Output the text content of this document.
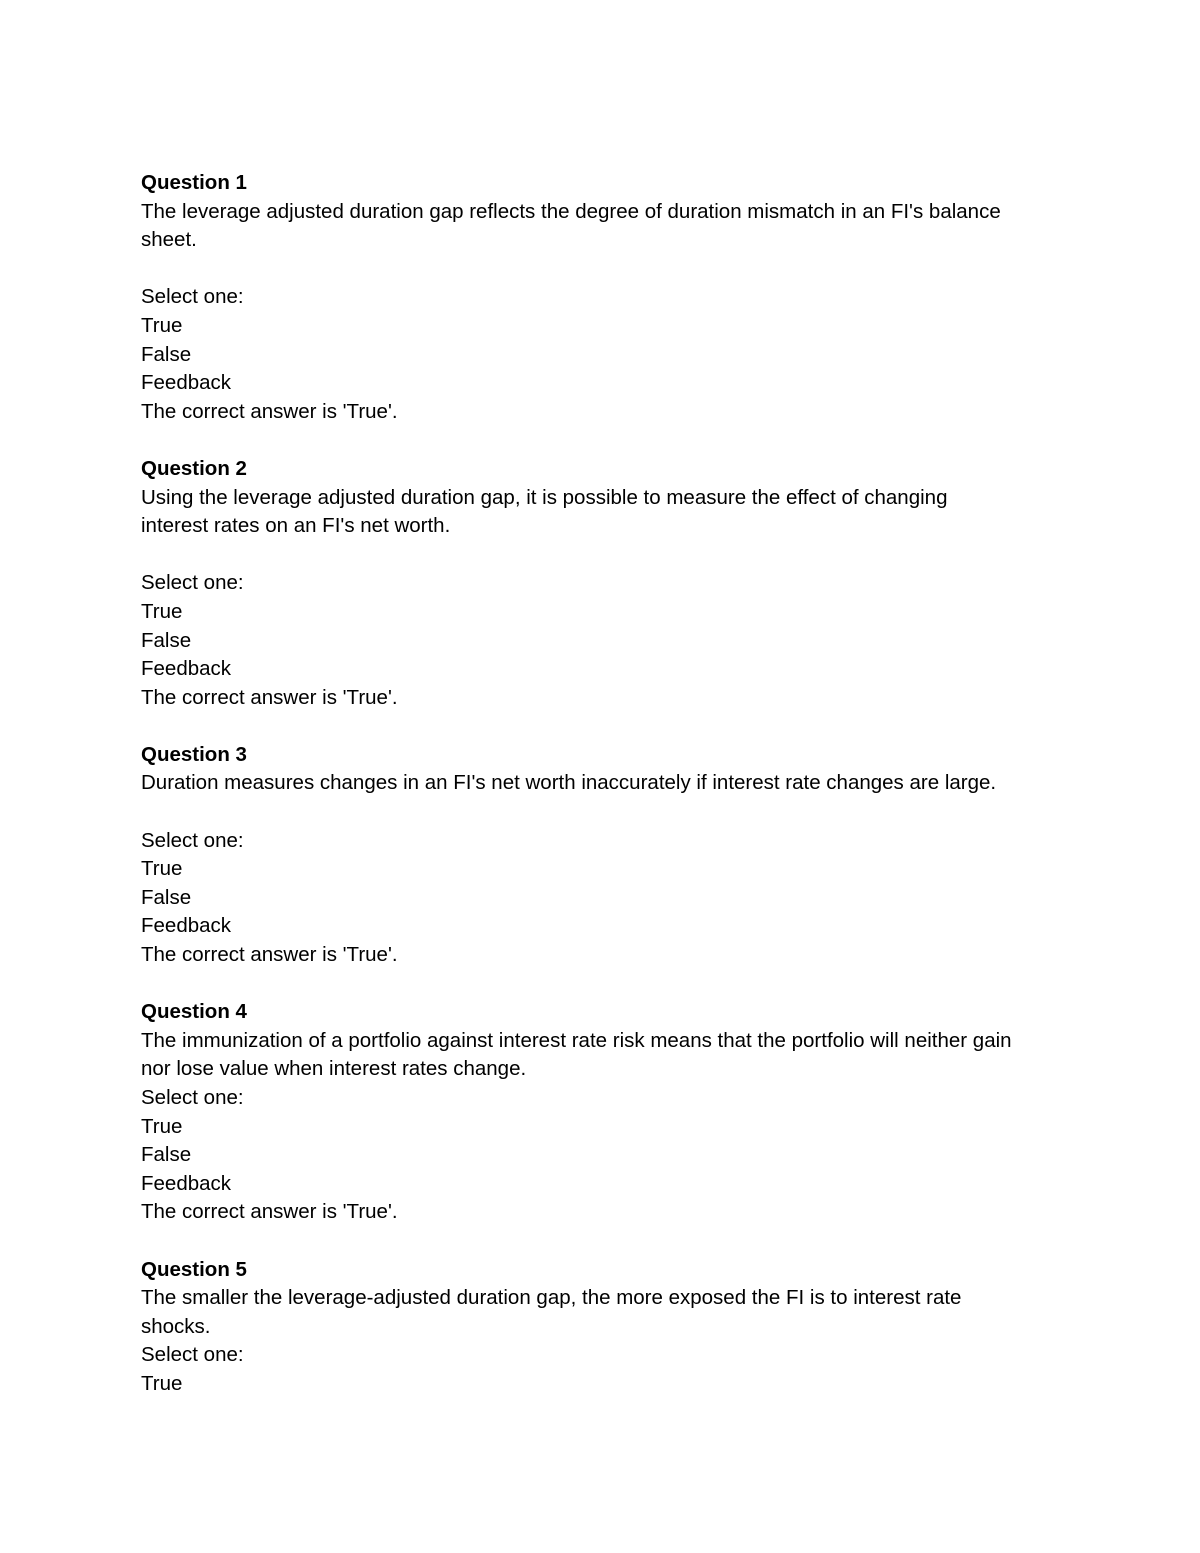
Question 1
The leverage adjusted duration gap reflects the degree of duration mismatch in an FI's balance
sheet.
Select one:
True
False
Feedback
The correct answer is 'True'.
Question 2
Using the leverage adjusted duration gap, it is possible to measure the effect of changing
interest rates on an FI's net worth.
Select one:
True
False
Feedback
The correct answer is 'True'.
Question 3
Duration measures changes in an FI's net worth inaccurately if interest rate changes are large.
Select one:
True
False
Feedback
The correct answer is 'True'.
Question 4
The immunization of a portfolio against interest rate risk means that the portfolio will neither gain
nor lose value when interest rates change.
Select one:
True
False
Feedback
The correct answer is 'True'.
Question 5
The smaller the leverage-adjusted duration gap, the more exposed the FI is to interest rate
shocks.
Select one:
True
